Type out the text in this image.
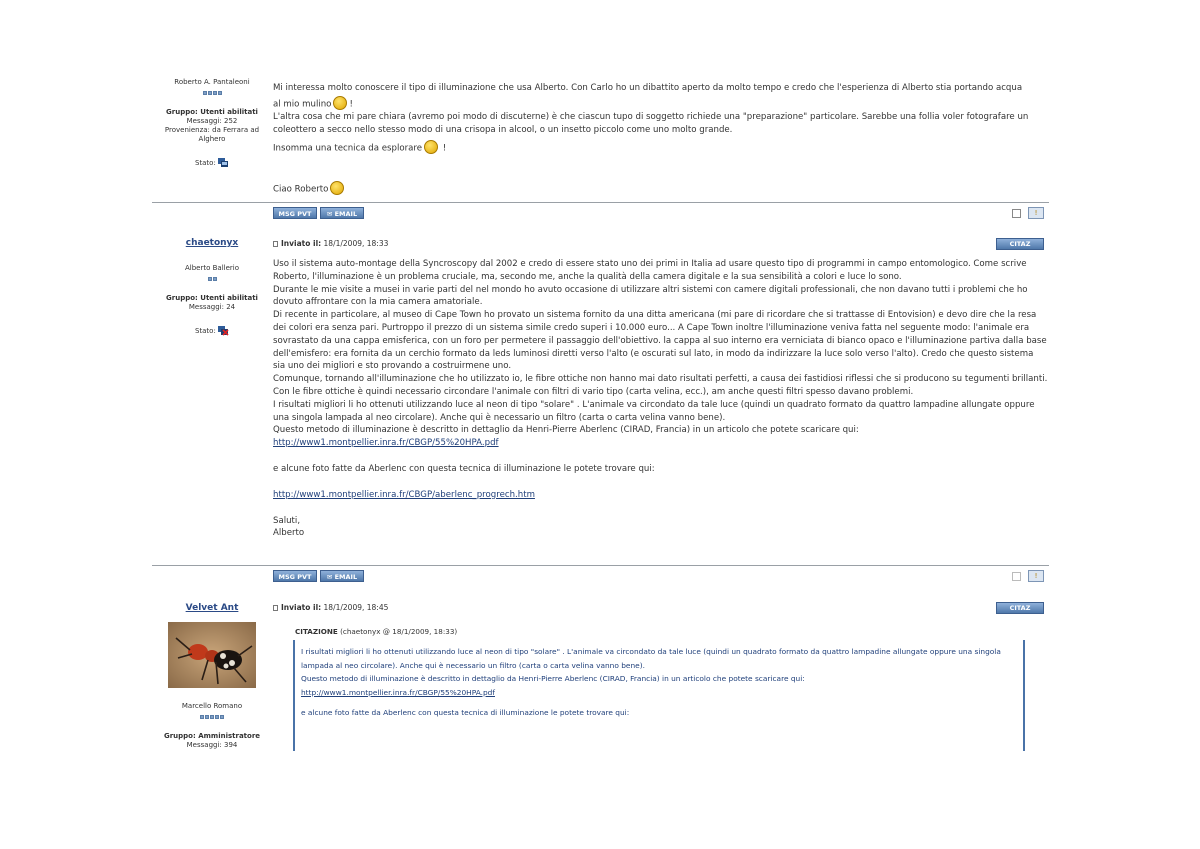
Roberto A. Pantaleoni
Gruppo: Utenti abilitati
Messaggi: 252
Provenienza: da Ferrara ad Alghero
Stato:

Mi interessa molto conoscere il tipo di illuminazione che usa Alberto. Con Carlo ho un dibattito aperto da molto tempo e credo che l'esperienza di Alberto stia portando acqua

al mio mulino !

L'altra cosa che mi pare chiara (avremo poi modo di discuterne) è che ciascun tupo di soggetto richiede una "preparazione" particolare. Sarebbe una follia voler fotografare un coleottero a secco nello stesso modo di una crisopa in alcool, o un insetto piccolo come uno molto grande.

Insomma una tecnica da esplorare !

Ciao Roberto

MSG PVT	✉ EMAIL	!
chaetonyx
Alberto Ballerio
Gruppo: Utenti abilitati
Messaggi: 24
Stato:
Inviato il: 18/1/2009, 18:33	CITAZ

Uso il sistema auto-montage della Syncroscopy dal 2002 e credo di essere stato uno dei primi in Italia ad usare questo tipo di programmi in campo entomologico. Come scrive Roberto, l'illuminazione è un problema cruciale, ma, secondo me, anche la qualità della camera digitale e la sua sensibilità a colori e luce lo sono.

Durante le mie visite a musei in varie parti del nel mondo ho avuto occasione di utilizzare altri sistemi con camere digitali professionali, che non davano tutti i problemi che ho dovuto affrontare con la mia camera amatoriale.

Di recente in particolare, al museo di Cape Town ho provato un sistema fornito da una ditta americana (mi pare di ricordare che si trattasse di Entovision) e devo dire che la resa dei colori era senza pari. Purtroppo il prezzo di un sistema simile credo superi i 10.000 euro... A Cape Town inoltre l'illuminazione veniva fatta nel seguente modo: l'animale era sovrastato da una cappa emisferica, con un foro per permetere il passaggio dell'obiettivo. la cappa al suo interno era verniciata di bianco opaco e l'illuminazione partiva dalla base dell'emisfero: era fornita da un cerchio formato da leds luminosi diretti verso l'alto (e oscurati sul lato, in modo da indirizzare la luce solo verso l'alto). Credo che questo sistema sia uno dei migliori e sto provando a costruirmene uno.

Comunque, tornando all'illuminazione che ho utilizzato io, le fibre ottiche non hanno mai dato risultati perfetti, a causa dei fastidiosi riflessi che si producono su tegumenti brillanti. Con le fibre ottiche è quindi necessario circondare l'animale con filtri di vario tipo (carta velina, ecc.), am anche questi filtri spesso davano problemi.

I risultati migliori li ho ottenuti utilizzando luce al neon di tipo "solare" . L'animale va circondato da tale luce (quindi un quadrato formato da quattro lampadine allungate oppure una singola lampada al neo circolare). Anche qui è necessario un filtro (carta o carta velina vanno bene).

Questo metodo di illuminazione è descritto in dettaglio da Henri-Pierre Aberlenc (CIRAD, Francia) in un articolo che potete scaricare qui:

http://www1.montpellier.inra.fr/CBGP/55%20HPA.pdf

e alcune foto fatte da Aberlenc con questa tecnica di illuminazione le potete trovare qui:

http://www1.montpellier.inra.fr/CBGP/aberlenc_progrech.htm

Saluti,

Alberto

MSG PVT	✉ EMAIL	!
Velvet Ant
Marcello Romano
Gruppo: Amministratore
Messaggi: 394
Inviato il: 18/1/2009, 18:45	CITAZ
CITAZIONE (chaetonyx @ 18/1/2009, 18:33)
I risultati migliori li ho ottenuti utilizzando luce al neon di tipo "solare" . L'animale va circondato da tale luce (quindi un quadrato formato da quattro lampadine allungate oppure una singola lampada al neo circolare). Anche qui è necessario un filtro (carta o carta velina vanno bene).
Questo metodo di illuminazione è descritto in dettaglio da Henri-Pierre Aberlenc (CIRAD, Francia) in un articolo che potete scaricare qui:
http://www1.montpellier.inra.fr/CBGP/55%20HPA.pdf
e alcune foto fatte da Aberlenc con questa tecnica di illuminazione le potete trovare qui:
